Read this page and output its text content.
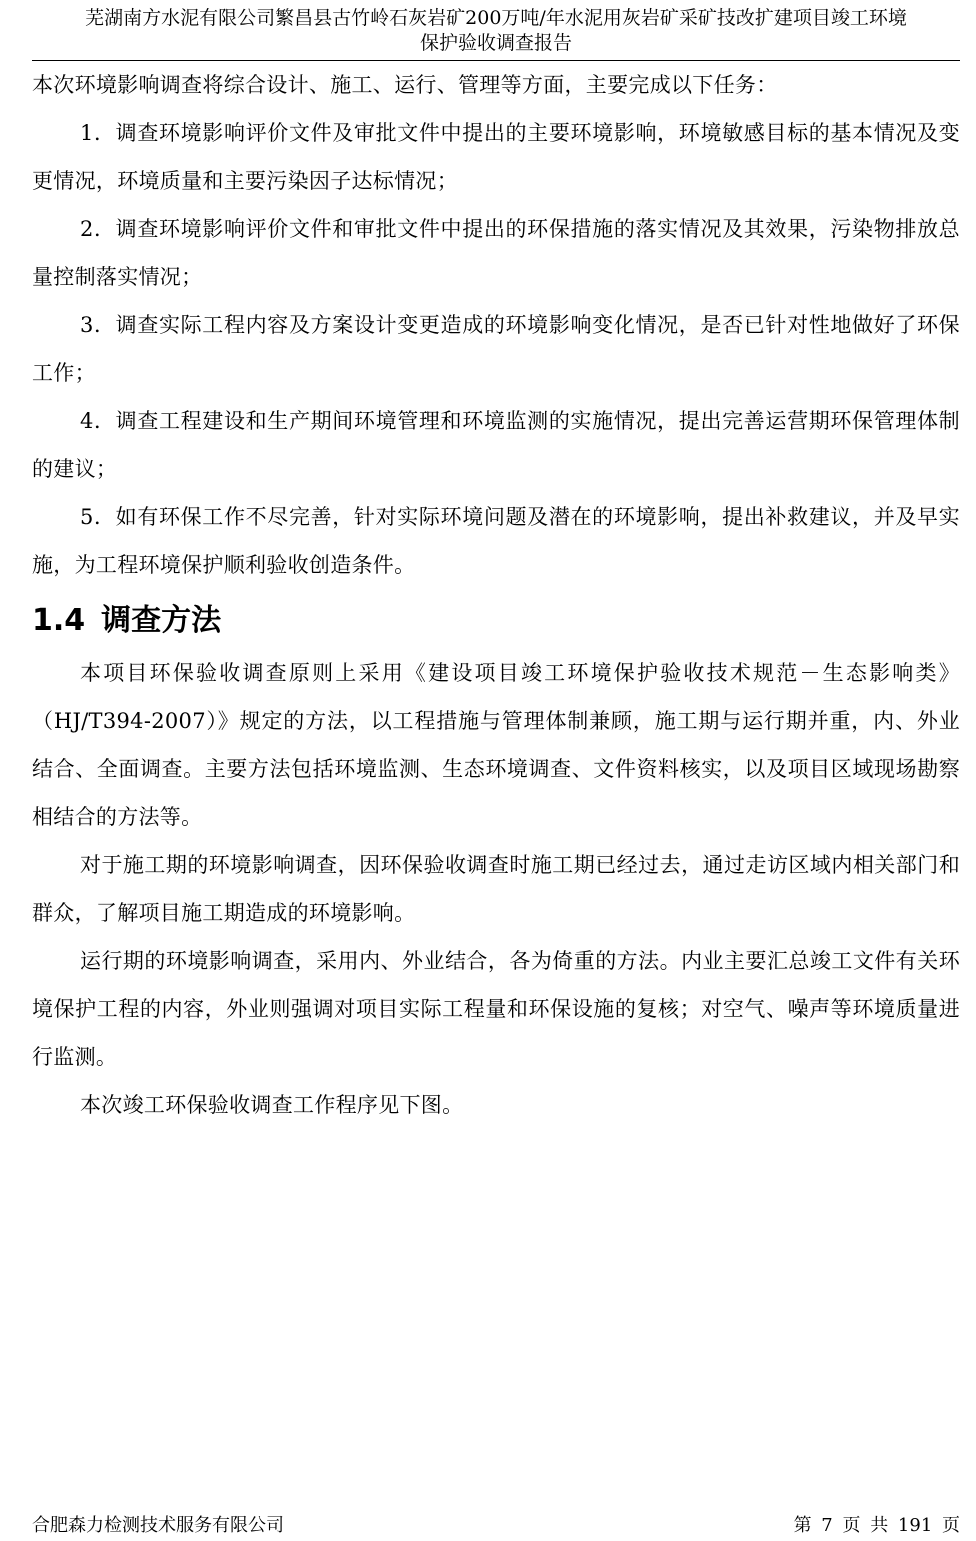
芜湖南方水泥有限公司繁昌县古竹岭石灰岩矿200万吨/年水泥用灰岩矿采矿技改扩建项目竣工环境
保护验收调查报告

本次环境影响调查将综合设计、施工、运行、管理等方面，主要完成以下任务：

1．调查环境影响评价文件及审批文件中提出的主要环境影响，环境敏感目标的基本情况及变更情况，环境质量和主要污染因子达标情况；

2．调查环境影响评价文件和审批文件中提出的环保措施的落实情况及其效果，污染物排放总量控制落实情况；

3．调查实际工程内容及方案设计变更造成的环境影响变化情况，是否已针对性地做好了环保工作；

4．调查工程建设和生产期间环境管理和环境监测的实施情况，提出完善运营期环保管理体制的建议；

5．如有环保工作不尽完善，针对实际环境问题及潜在的环境影响，提出补救建议，并及早实施，为工程环境保护顺利验收创造条件。

1.4 调查方法

本项目环保验收调查原则上采用《建设项目竣工环境保护验收技术规范－生态影响类》（HJ/T394-2007）》规定的方法，以工程措施与管理体制兼顾，施工期与运行期并重，内、外业结合、全面调查。主要方法包括环境监测、生态环境调查、文件资料核实，以及项目区域现场勘察相结合的方法等。

对于施工期的环境影响调查，因环保验收调查时施工期已经过去，通过走访区域内相关部门和群众，了解项目施工期造成的环境影响。

运行期的环境影响调查，采用内、外业结合，各为倚重的方法。内业主要汇总竣工文件有关环境保护工程的内容，外业则强调对项目实际工程量和环保设施的复核；对空气、噪声等环境质量进行监测。

本次竣工环保验收调查工作程序见下图。

合肥森力检测技术服务有限公司	第 7 页 共 191 页
